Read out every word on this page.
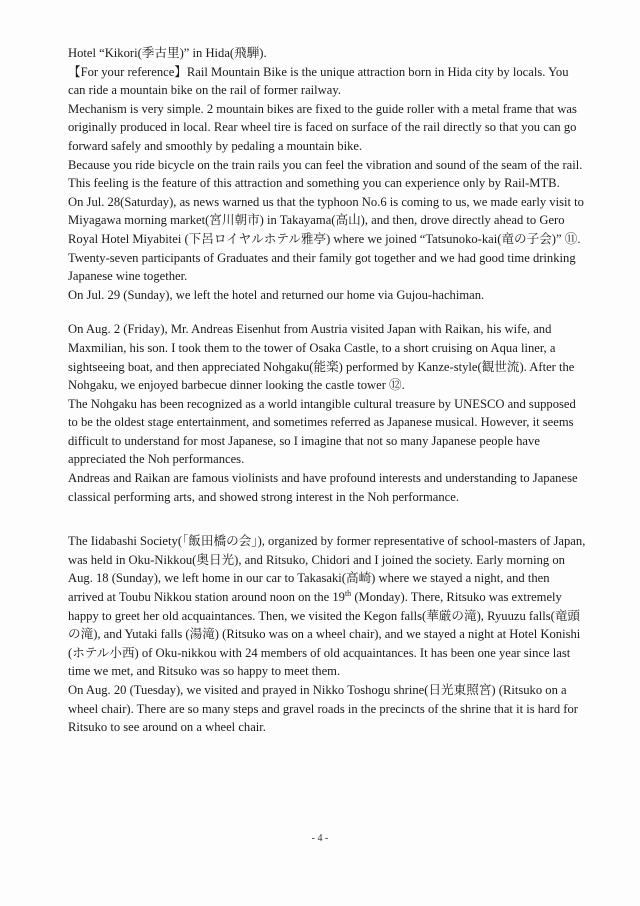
Hotel “Kikori(季古里)” in Hida(飛騨).

【For your reference】Rail Mountain Bike is the unique attraction born in Hida city by locals. You can ride a mountain bike on the rail of former railway.

Mechanism is very simple. 2 mountain bikes are fixed to the guide roller with a metal frame that was originally produced in local. Rear wheel tire is faced on surface of the rail directly so that you can go forward safely and smoothly by pedaling a mountain bike.

Because you ride bicycle on the train rails you can feel the vibration and sound of the seam of the rail. This feeling is the feature of this attraction and something you can experience only by Rail-MTB.

On Jul. 28(Saturday), as news warned us that the typhoon No.6 is coming to us, we made early visit to Miyagawa morning market(宮川朝市) in Takayama(高山), and then, drove directly ahead to Gero Royal Hotel Miyabitei (下呂ロイヤルホテル雅亭) where we joined “Tatsunoko-kai(竜の子会)” ⑪. Twenty-seven participants of Graduates and their family got together and we had good time drinking Japanese wine together.

On Jul. 29 (Sunday), we left the hotel and returned our home via Gujou-hachiman.

On Aug. 2 (Friday), Mr. Andreas Eisenhut from Austria visited Japan with Raikan, his wife, and Maxmilian, his son. I took them to the tower of Osaka Castle, to a short cruising on Aqua liner, a sightseeing boat, and then appreciated Nohgaku(能楽) performed by Kanze-style(観世流). After the Nohgaku, we enjoyed barbecue dinner looking the castle tower ⑫.

The Nohgaku has been recognized as a world intangible cultural treasure by UNESCO and supposed to be the oldest stage entertainment, and sometimes referred as Japanese musical. However, it seems difficult to understand for most Japanese, so I imagine that not so many Japanese people have appreciated the Noh performances.

Andreas and Raikan are famous violinists and have profound interests and understanding to Japanese classical performing arts, and showed strong interest in the Noh performance.

The Iidabashi Society(「飯田橋の会」), organized by former representative of school-masters of Japan, was held in Oku-Nikkou(奥日光), and Ritsuko, Chidori and I joined the society. Early morning on Aug. 18 (Sunday), we left home in our car to Takasaki(高崎) where we stayed a night, and then arrived at Toubu Nikkou station around noon on the 19th (Monday). There, Ritsuko was extremely happy to greet her old acquaintances. Then, we visited the Kegon falls(華厳の滝), Ryuuzu falls(竜頭の滝), and Yutaki falls (湯滝) (Ritsuko was on a wheel chair), and we stayed a night at Hotel Konishi (ホテル小西) of Oku-nikkou with 24 members of old acquaintances. It has been one year since last time we met, and Ritsuko was so happy to meet them.

On Aug. 20 (Tuesday), we visited and prayed in Nikko Toshogu shrine(日光東照宮) (Ritsuko on a wheel chair). There are so many steps and gravel roads in the precincts of the shrine that it is hard for Ritsuko to see around on a wheel chair.

- 4 -
